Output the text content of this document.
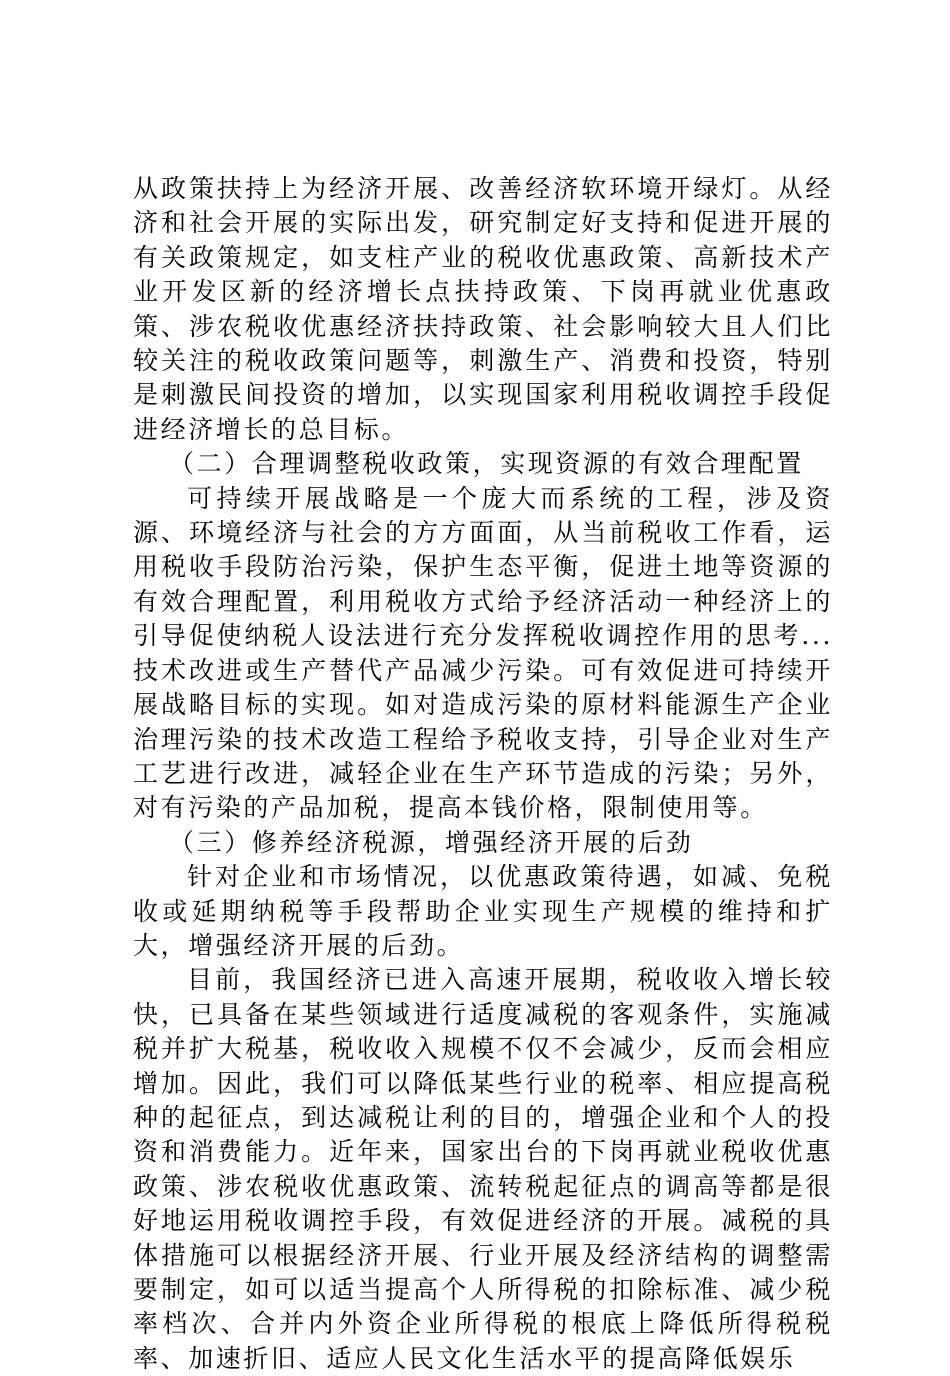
从政策扶持上为经济开展、改善经济软环境开绿灯。从经济和社会开展的实际出发，研究制定好支持和促进开展的有关政策规定，如支柱产业的税收优惠政策、高新技术产业开发区新的经济增长点扶持政策、下岗再就业优惠政策、涉农税收优惠经济扶持政策、社会影响较大且人们比较关注的税收政策问题等，刺激生产、消费和投资，特别是刺激民间投资的增加，以实现国家利用税收调控手段促进经济增长的总目标。

（二）合理调整税收政策，实现资源的有效合理配置

可持续开展战略是一个庞大而系统的工程，涉及资源、环境经济与社会的方方面面，从当前税收工作看，运用税收手段防治污染，保护生态平衡，促进土地等资源的有效合理配置，利用税收方式给予经济活动一种经济上的引导促使纳税人设法进行充分发挥税收调控作用的思考...技术改进或生产替代产品减少污染。可有效促进可持续开展战略目标的实现。如对造成污染的原材料能源生产企业治理污染的技术改造工程给予税收支持，引导企业对生产工艺进行改进，减轻企业在生产环节造成的污染；另外，对有污染的产品加税，提高本钱价格，限制使用等。

（三）修养经济税源，增强经济开展的后劲

针对企业和市场情况，以优惠政策待遇，如减、免税收或延期纳税等手段帮助企业实现生产规模的维持和扩大，增强经济开展的后劲。

目前，我国经济已进入高速开展期，税收收入增长较快，已具备在某些领域进行适度减税的客观条件，实施减税并扩大税基，税收收入规模不仅不会减少，反而会相应增加。因此，我们可以降低某些行业的税率、相应提高税种的起征点，到达减税让利的目的，增强企业和个人的投资和消费能力。近年来，国家出台的下岗再就业税收优惠政策、涉农税收优惠政策、流转税起征点的调高等都是很好地运用税收调控手段，有效促进经济的开展。减税的具体措施可以根据经济开展、行业开展及经济结构的调整需要制定，如可以适当提高个人所得税的扣除标准、减少税率档次、合并内外资企业所得税的根底上降低所得税税率、加速折旧、适应人民文化生活水平的提高降低娱乐
